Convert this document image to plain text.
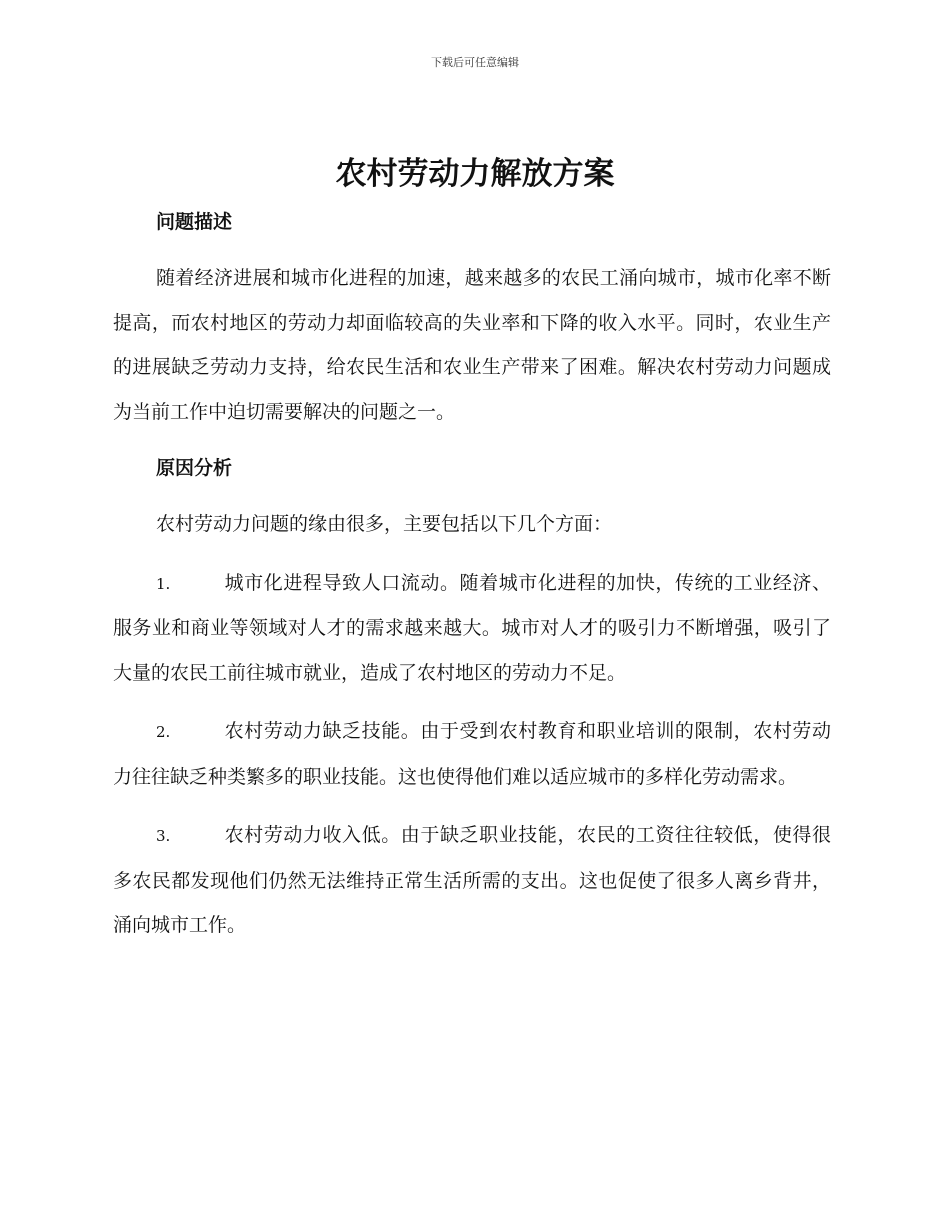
下载后可任意编辑
农村劳动力解放方案
问题描述

随着经济进展和城市化进程的加速，越来越多的农民工涌向城市，城市化率不断提高，而农村地区的劳动力却面临较高的失业率和下降的收入水平。同时，农业生产的进展缺乏劳动力支持，给农民生活和农业生产带来了困难。解决农村劳动力问题成为当前工作中迫切需要解决的问题之一。

原因分析

农村劳动力问题的缘由很多，主要包括以下几个方面：

1.	城市化进程导致人口流动。随着城市化进程的加快，传统的工业经济、服务业和商业等领域对人才的需求越来越大。城市对人才的吸引力不断增强，吸引了大量的农民工前往城市就业，造成了农村地区的劳动力不足。

2.	农村劳动力缺乏技能。由于受到农村教育和职业培训的限制，农村劳动力往往缺乏种类繁多的职业技能。这也使得他们难以适应城市的多样化劳动需求。

3.	农村劳动力收入低。由于缺乏职业技能，农民的工资往往较低，使得很多农民都发现他们仍然无法维持正常生活所需的支出。这也促使了很多人离乡背井，涌向城市工作。
